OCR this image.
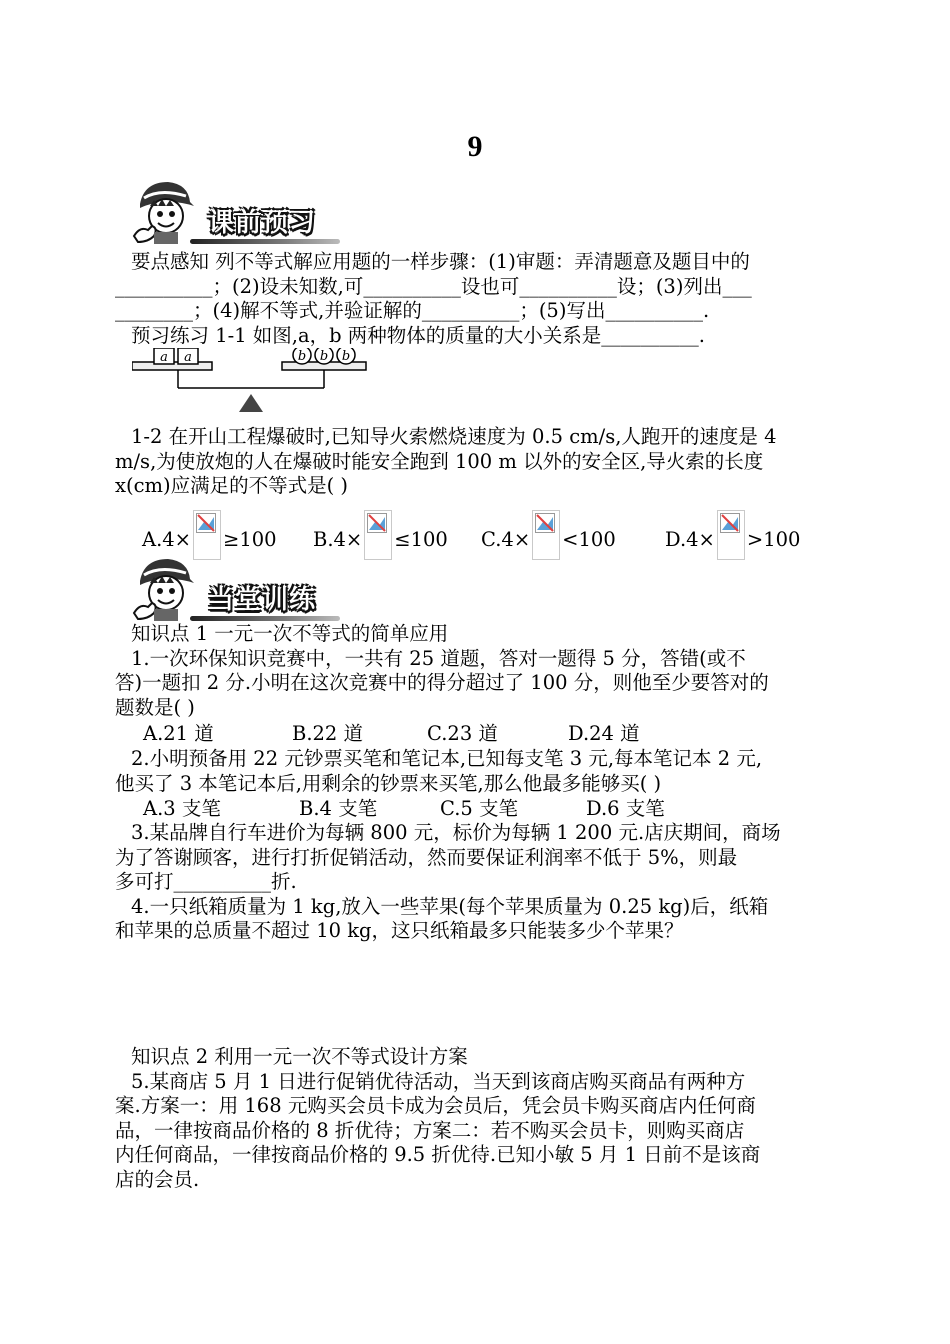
9
课前预习
要点感知 列不等式解应用题的一样步骤：(1)审题：弄清题意及题目中的
__________；(2)设未知数,可__________设也可__________设；(3)列出___
________；(4)解不等式,并验证解的__________；(5)写出__________.
预习练习 1-1 如图,a，b 两种物体的质量的大小关系是__________.
a a	b b b
1-2 在开山工程爆破时,已知导火索燃烧速度为 0.5 cm/s,人跑开的速度是 4
m/s,为使放炮的人在爆破时能安全跑到 100 m 以外的安全区,导火索的长度
x(cm)应满足的不等式是( )
A.4× ≥100 B.4× ≤100 C.4× <100	D.4× >100
当堂训练
知识点 1 一元一次不等式的简单应用
1.一次环保知识竞赛中，一共有 25 道题，答对一题得 5 分，答错(或不
答)一题扣 2 分.小明在这次竞赛中的得分超过了 100 分，则他至少要答对的
题数是( )
A.21 道	B.22 道	C.23 道	D.24 道
2.小明预备用 22 元钞票买笔和笔记本,已知每支笔 3 元,每本笔记本 2 元,
他买了 3 本笔记本后,用剩余的钞票来买笔,那么他最多能够买( )
A.3 支笔	B.4 支笔	C.5 支笔	D.6 支笔
3.某品牌自行车进价为每辆 800 元，标价为每辆 1 200 元.店庆期间，商场
为了答谢顾客，进行打折促销活动，然而要保证利润率不低于 5%，则最
多可打__________折.
4.一只纸箱质量为 1 kg,放入一些苹果(每个苹果质量为 0.25 kg)后，纸箱
和苹果的总质量不超过 10 kg，这只纸箱最多只能装多少个苹果？
知识点 2 利用一元一次不等式设计方案
5.某商店 5 月 1 日进行促销优待活动，当天到该商店购买商品有两种方
案.方案一：用 168 元购买会员卡成为会员后，凭会员卡购买商店内任何商
品，一律按商品价格的 8 折优待；方案二：若不购买会员卡，则购买商店
内任何商品，一律按商品价格的 9.5 折优待.已知小敏 5 月 1 日前不是该商
店的会员.
